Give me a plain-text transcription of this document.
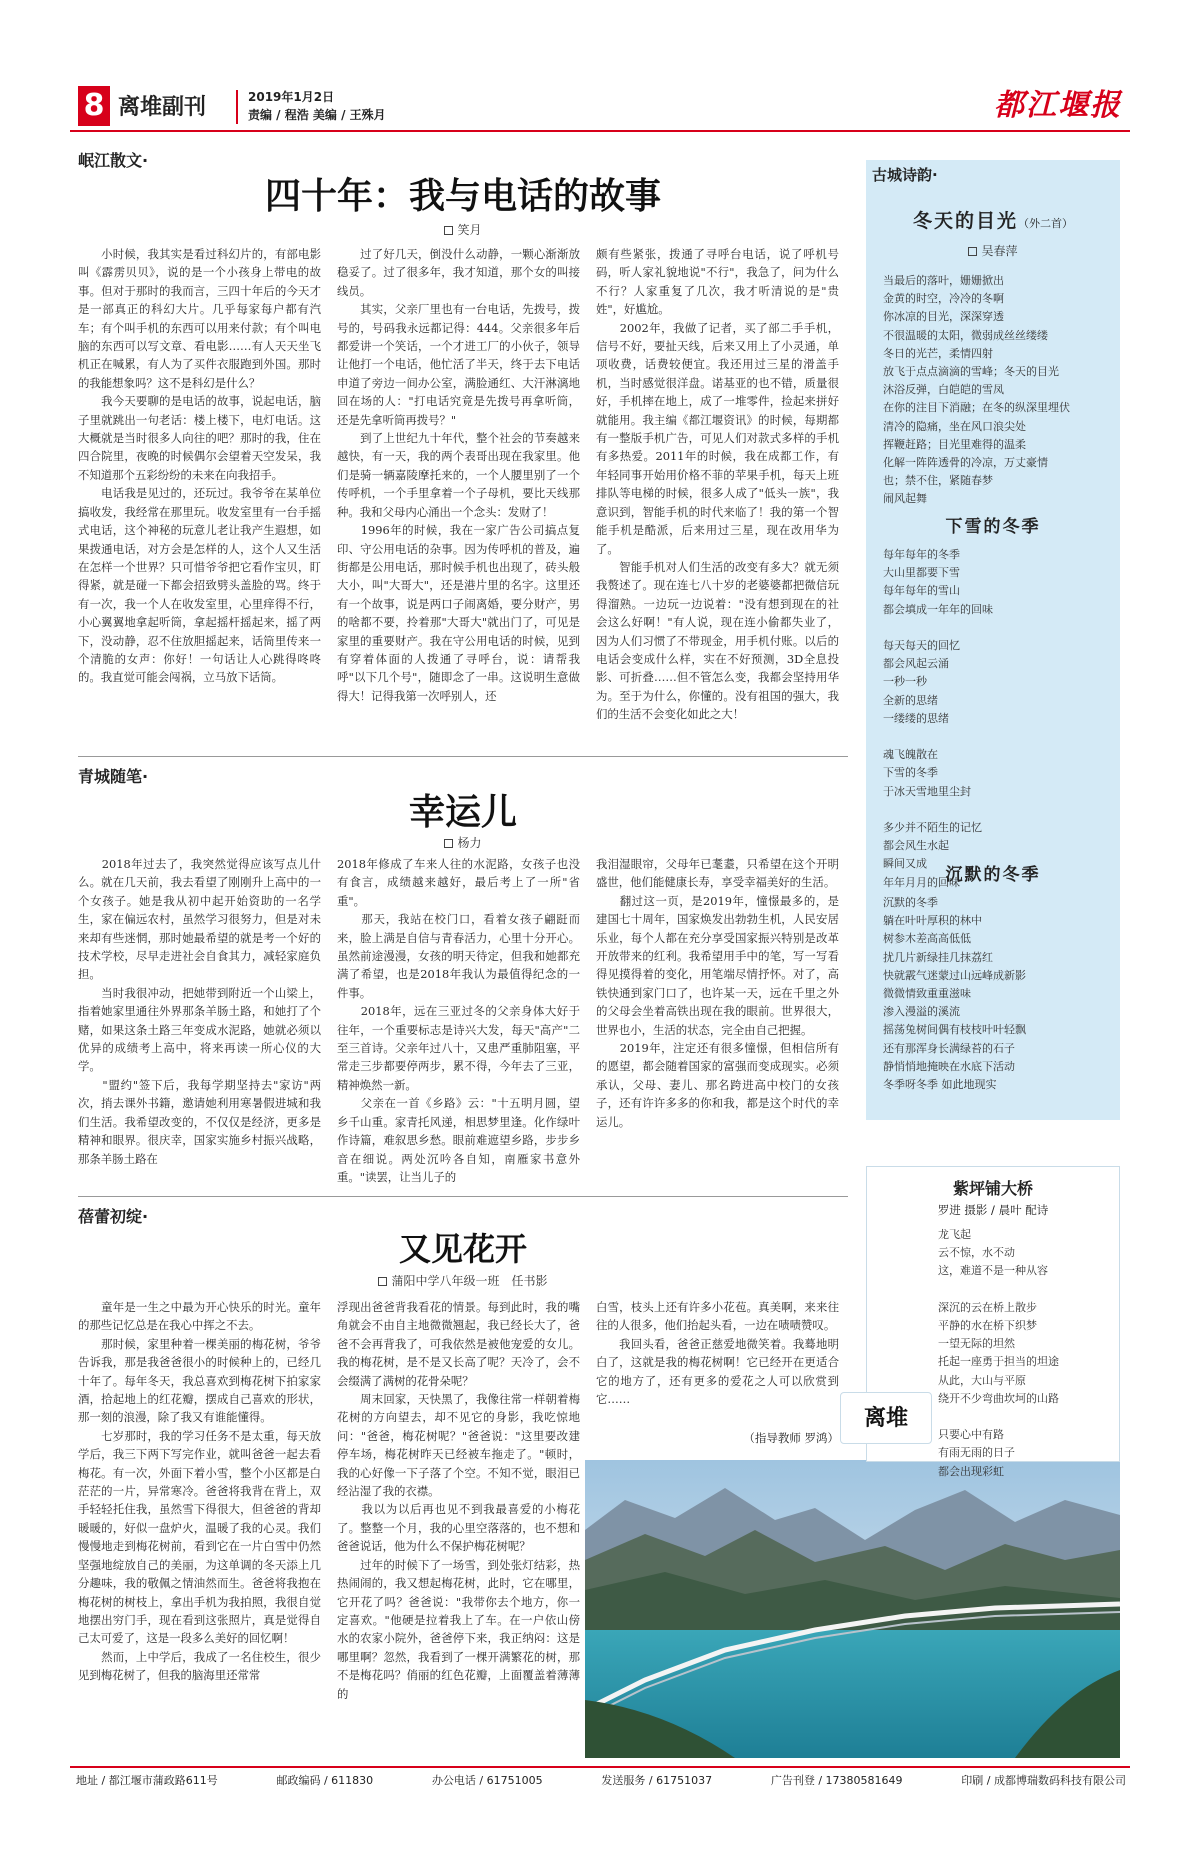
8 离堆副刊	2019年1月2日
责编 / 程浩 美编 / 王殊月	都江堰报
岷江散文·
四十年：我与电话的故事
笑月
　　小时候，我其实是看过科幻片的，有部电影叫《霹雳贝贝》，说的是一个小孩身上带电的故事。但对于那时的我而言，三四十年后的今天才是一部真正的科幻大片。几乎每家每户都有汽车；有个叫手机的东西可以用来付款；有个叫电脑的东西可以写文章、看电影……有人天天坐飞机正在喊累，有人为了买件衣服跑到外国。那时的我能想象吗？这不是科幻是什么？
　　我今天要聊的是电话的故事，说起电话，脑子里就跳出一句老话：楼上楼下，电灯电话。这大概就是当时很多人向往的吧？那时的我，住在四合院里，夜晚的时候偶尔会望着天空发呆，我不知道那个五彩纷纷的未来在向我招手。
　　电话我是见过的，还玩过。我爷爷在某单位搞收发，我经常在那里玩。收发室里有一台手摇式电话，这个神秘的玩意儿老让我产生遐想，如果拨通电话，对方会是怎样的人，这个人又生活在怎样一个世界？只可惜爷爷把它看作宝贝，盯得紧，就是碰一下都会招致劈头盖脸的骂。终于有一次，我一个人在收发室里，心里痒得不行，小心翼翼地拿起听筒，拿起摇杆摇起来，摇了两下，没动静，忍不住放胆摇起来，话筒里传来一个清脆的女声：你好！一句话让人心跳得咚咚的。我直觉可能会闯祸，立马放下话筒。
　　过了好几天，倒没什么动静，一颗心渐渐放稳妥了。过了很多年，我才知道，那个女的叫接线员。
　　其实，父亲厂里也有一台电话，先拨号，拨号的，号码我永远都记得：444。父亲很多年后都爱讲一个笑话，一个才进工厂的小伙子，领导让他打一个电话，他忙活了半天，终于去下电话申道了旁边一间办公室，满脸通红、大汗淋漓地回在场的人："打电话究竟是先拨号再拿听筒，还是先拿听筒再拨号？"
　　到了上世纪九十年代，整个社会的节奏越来越快，有一天，我的两个表哥出现在我家里。他们是骑一辆嘉陵摩托来的，一个人腰里别了一个传呼机，一个手里拿着一个子母机，要比天线那种。我和父母内心涌出一个念头：发财了！
　　1996年的时候，我在一家广告公司搞点复印、守公用电话的杂事。因为传呼机的普及，遍街都是公用电话，那时候手机也出现了，砖头般大小，叫"大哥大"，还是港片里的名字。这里还有一个故事，说是两口子闹离婚，要分财产，男的啥都不要，拎着那"大哥大"就出门了，可见是家里的重要财产。我在守公用电话的时候，见到有穿着体面的人拨通了寻呼台，说：请帮我呼"以下几个号"，随即念了一串。这说明生意做得大！记得我第一次呼别人，还
颇有些紧张，拨通了寻呼台电话，说了呼机号码，听人家礼貌地说"不行"，我急了，问为什么不行？人家重复了几次，我才听清说的是"贵姓"，好尴尬。
　　2002年，我做了记者，买了部二手手机，信号不好，要扯天线，后来又用上了小灵通，单项收费，话费较便宜。我还用过三星的滑盖手机，当时感觉很洋盘。诺基亚的也不错，质量很好，手机摔在地上，成了一堆零件，捡起来拼好就能用。我主编《都江堰资讯》的时候，每期都有一整版手机广告，可见人们对款式多样的手机有多热爱。2011年的时候，我在成都工作，有年轻同事开始用价格不菲的苹果手机，每天上班排队等电梯的时候，很多人成了"低头一族"，我意识到，智能手机的时代来临了！我的第一个智能手机是酷派，后来用过三星，现在改用华为了。
　　智能手机对人们生活的改变有多大？就无须我赘述了。现在连七八十岁的老婆婆都把微信玩得溜熟。一边玩一边说着："没有想到现在的社会这么好啊！"有人说，现在连小偷都失业了，因为人们习惯了不带现金，用手机付账。以后的电话会变成什么样，实在不好预测，3D全息投影、可折叠……但不管怎么变，我都会坚持用华为。至于为什么，你懂的。没有祖国的强大，我们的生活不会变化如此之大！
青城随笔·
幸运儿
杨力
　　2018年过去了，我突然觉得应该写点儿什么。就在几天前，我去看望了刚刚升上高中的一个女孩子。她是我从初中起开始资助的一名学生，家在偏远农村，虽然学习很努力，但是对未来却有些迷惘，那时她最希望的就是考一个好的技术学校，尽早走进社会自食其力，减轻家庭负担。
　　当时我很冲动，把她带到附近一个山梁上，指着她家里通往外界那条羊肠土路，和她打了个赌，如果这条土路三年变成水泥路，她就必须以优异的成绩考上高中，将来再读一所心仪的大学。
　　"盟约"签下后，我每学期坚持去"家访"两次，捎去课外书籍，邀请她利用寒暑假进城和我们生活。我希望改变的，不仅仅是经济，更多是精神和眼界。很庆幸，国家实施乡村振兴战略，那条羊肠土路在
2018年修成了车来人往的水泥路，女孩子也没有食言，成绩越来越好，最后考上了一所"省重"。
　　那天，我站在校门口，看着女孩子翩跹而来，脸上满是自信与青春活力，心里十分开心。虽然前途漫漫，女孩的明天待定，但我和她都充满了希望，也是2018年我认为最值得纪念的一件事。
　　2018年，远在三亚过冬的父亲身体大好于往年，一个重要标志是诗兴大发，每天"高产"二至三首诗。父亲年过八十，又患严重肺阻塞，平常走三步都要停两步，累不得，今年去了三亚，精神焕然一新。
　　父亲在一首《乡路》云："十五明月圆，望乡千山重。家青托风递，相思梦里逢。化作绿叶作诗篇，难叙思乡愁。眼前难遮望乡路，步步乡音在细说。两处沉吟各自知，南雁家书意外重。"读罢，让当儿子的
我泪湿眼帘，父母年已耄耋，只希望在这个开明盛世，他们能健康长寿，享受幸福美好的生活。
　　翻过这一页，是2019年，憧憬最多的，是建国七十周年，国家焕发出勃勃生机，人民安居乐业，每个人都在充分享受国家振兴特别是改革开放带来的红利。我希望用手中的笔，写一写看得见摸得着的变化，用笔端尽情抒怀。对了，高铁快通到家门口了，也许某一天，远在千里之外的父母会坐着高铁出现在我的眼前。世界很大，世界也小，生活的状态，完全由自己把握。
　　2019年，注定还有很多憧憬，但相信所有的愿望，都会随着国家的富强而变成现实。必须承认，父母、妻儿、那名跨进高中校门的女孩子，还有许许多多的你和我，都是这个时代的幸运儿。
蓓蕾初绽·
又见花开
蒲阳中学八年级一班　任书影
　　童年是一生之中最为开心快乐的时光。童年的那些记忆总是在我心中挥之不去。
　　那时候，家里种着一棵美丽的梅花树，爷爷告诉我，那是我爸爸很小的时候种上的，已经几十年了。每年冬天，我总喜欢到梅花树下拍家家酒，拾起地上的红花瓣，摆成自己喜欢的形状，那一刻的浪漫，除了我又有谁能懂得。
　　七岁那时，我的学习任务不是太重，每天放学后，我三下两下写完作业，就叫爸爸一起去看梅花。有一次，外面下着小雪，整个小区都是白茫茫的一片，异常寒冷。爸爸将我背在背上，双手轻轻托住我，虽然雪下得很大，但爸爸的背却暖暖的，好似一盘炉火，温暖了我的心灵。我们慢慢地走到梅花树前，看到它在一片白雪中仍然坚强地绽放自己的美丽，为这单调的冬天添上几分趣味，我的敬佩之情油然而生。爸爸将我抱在梅花树的树枝上，拿出手机为我拍照，我很自觉地摆出穷门手，现在看到这张照片，真是觉得自己太可爱了，这是一段多么美好的回忆啊！
　　然而，上中学后，我成了一名住校生，很少见到梅花树了，但我的脑海里还常常
浮现出爸爸背我看花的情景。每到此时，我的嘴角就会不由自主地微微翘起，我已经长大了，爸爸不会再背我了，可我依然是被他宠爱的女儿。我的梅花树，是不是又长高了呢？天冷了，会不会缀满了满树的花骨朵呢？
　　周末回家，天快黑了，我像往常一样朝着梅花树的方向望去，却不见它的身影，我吃惊地问："爸爸，梅花树呢？"爸爸说："这里要改建停车场，梅花树昨天已经被车拖走了。"顿时，我的心好像一下子落了个空。不知不觉，眼泪已经沾湿了我的衣襟。
　　我以为以后再也见不到我最喜爱的小梅花了。整整一个月，我的心里空落落的，也不想和爸爸说话，他为什么不保护梅花树呢？
　　过年的时候下了一场雪，到处张灯结彩，热热闹闹的，我又想起梅花树，此时，它在哪里，它开花了吗？爸爸说："我带你去个地方，你一定喜欢。"他硬是拉着我上了车。在一户依山傍水的农家小院外，爸爸停下来，我正纳闷：这是哪里啊？忽然，我看到了一棵开满繁花的树，那不是梅花吗？俏丽的红色花瓣，上面覆盖着薄薄的
白雪，枝头上还有许多小花苞。真美啊，来来往往的人很多，他们抬起头看，一边在啧啧赞叹。
　　我回头看，爸爸正慈爱地微笑着。我蓦地明白了，这就是我的梅花树啊！它已经开在更适合它的地方了，还有更多的爱花之人可以欣赏到它……
（指导教师 罗鸿）
古城诗韵·
冬天的目光（外二首）
吴春萍
当最后的落叶，姗姗掀出
金黄的时空，冷冷的冬啊
你冰凉的目光，深深穿透
不很温暖的太阳，微弱成丝丝缕缕
冬日的光芒，柔情四射
放飞于点点滴滴的雪峰；冬天的目光
沐浴反弹，白皑皑的雪凤
在你的注目下消融；在冬的纵深里埋伏
清冷的隐痛，坐在风口浪尖处
挥鞭赶路；目光里难得的温柔
化解一阵阵透骨的冷凉，万丈豪情
也；禁不住，紧随春梦
闹风起舞
下雪的冬季
每年每年的冬季
大山里都要下雪
每年每年的雪山
都会填成一年年的回味

每天每天的回忆
都会风起云涌
一秒一秒
全新的思绪
一缕缕的思绪

魂飞魄散在
下雪的冬季
于冰天雪地里尘封

多少并不陌生的记忆
都会风生水起
瞬间又成
年年月月的回味
沉默的冬季
沉默的冬季
躺在叶叶厚积的林中
树参木差高高低低
扰几片新绿挂几抹荔红
快就霰气迷蒙过山远峰成新影
微微情致重重滋味
渗入漫溢的溪流
摇荡兔树间偶有枝枝叶叶轻飘
还有那浑身长满绿苔的石子
静悄悄地掩映在水底下活动
冬季呀冬季 如此地现实
紫坪铺大桥
罗进 摄影 / 晨叶 配诗
龙飞起
云不惊，水不动
这，难道不是一种从容

深沉的云在桥上散步
平静的水在桥下织梦
一望无际的坦然
托起一座勇于担当的坦途
从此，大山与平原
绕开不少弯曲坎坷的山路

只要心中有路
有雨无雨的日子
都会出现彩虹
离堆
地址 / 都江堰市蒲政路611号	邮政编码 / 611830	办公电话 / 61751005	发送服务 / 61751037	广告刊登 / 17380581649	印刷 / 成都博瑞数码科技有限公司
